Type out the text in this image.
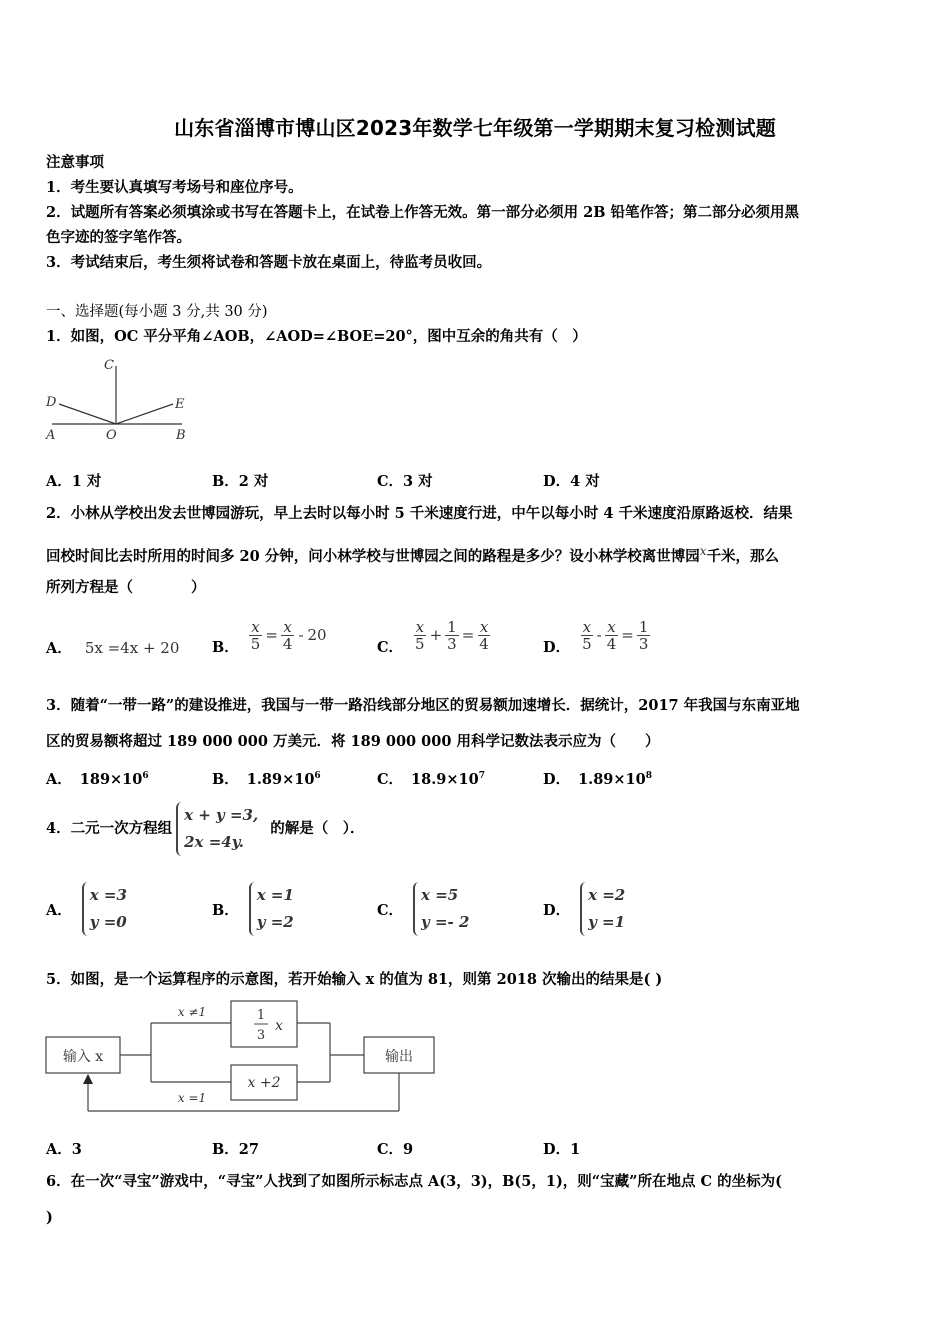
山东省淄博市博山区2023年数学七年级第一学期期末复习检测试题
注意事项
1．考生要认真填写考场号和座位序号。
2．试题所有答案必须填涂或书写在答题卡上，在试卷上作答无效。第一部分必须用 2B 铅笔作答；第二部分必须用黑
色字迹的签字笔作答。
3．考试结束后，考生须将试卷和答题卡放在桌面上，待监考员收回。
一、选择题(每小题 3 分,共 30 分)
1．如图，OC 平分平角∠AOB，∠AOD=∠BOE=20°，图中互余的角共有（　）
C
D	E
A	O	B
A．1 对	B．2 对	C．3 对	D．4 对
2．小林从学校出发去世博园游玩，早上去时以每小时 5 千米速度行进，中午以每小时 4 千米速度沿原路返校．结果
回校时间比去时所用的时间多 20 分钟，问小林学校与世博园之间的路程是多少？设小林学校离世博园$^x$千米，那么
所列方程是（　　　　）
A． 5x =4x + 20 B． $\frac{x}{5} = \frac{x}{4} - 20$
C． $\frac{x}{5} + \frac{1}{3} = \frac{x}{4}$	D． $\frac{x}{5} - \frac{x}{4} = \frac{1}{3}$
3．随着“一带一路”的建设推进，我国与一带一路沿线部分地区的贸易额加速增长．据统计，2017 年我国与东南亚地
区的贸易额将超过 189 000 000 万美元．将 189 000 000 用科学记数法表示应为（　　）
A． $189\times 10^6$	B． $1.89\times 10^6$	C． $18.9\times 10^7$	D． $1.89\times 10^8$
4．二元一次方程组
x + y =3,
2x =4y.
的解是（　）．
A．
x =3
y =0
B．
x =1
y =2
C．
x =5
y =- 2
D．
x =2
y =1
5．如图，是一个运算程序的示意图，若开始输入 x 的值为 81，则第 2018 次输出的结果是( )
输入 x	输出
1
3
x
x +2
x ≠1
x =1
A．3	B．27	C．9	D．1
6．在一次“寻宝”游戏中，“寻宝”人找到了如图所示标志点 A(3，3)，B(5，1)，则“宝藏”所在地点 C 的坐标为(
)
